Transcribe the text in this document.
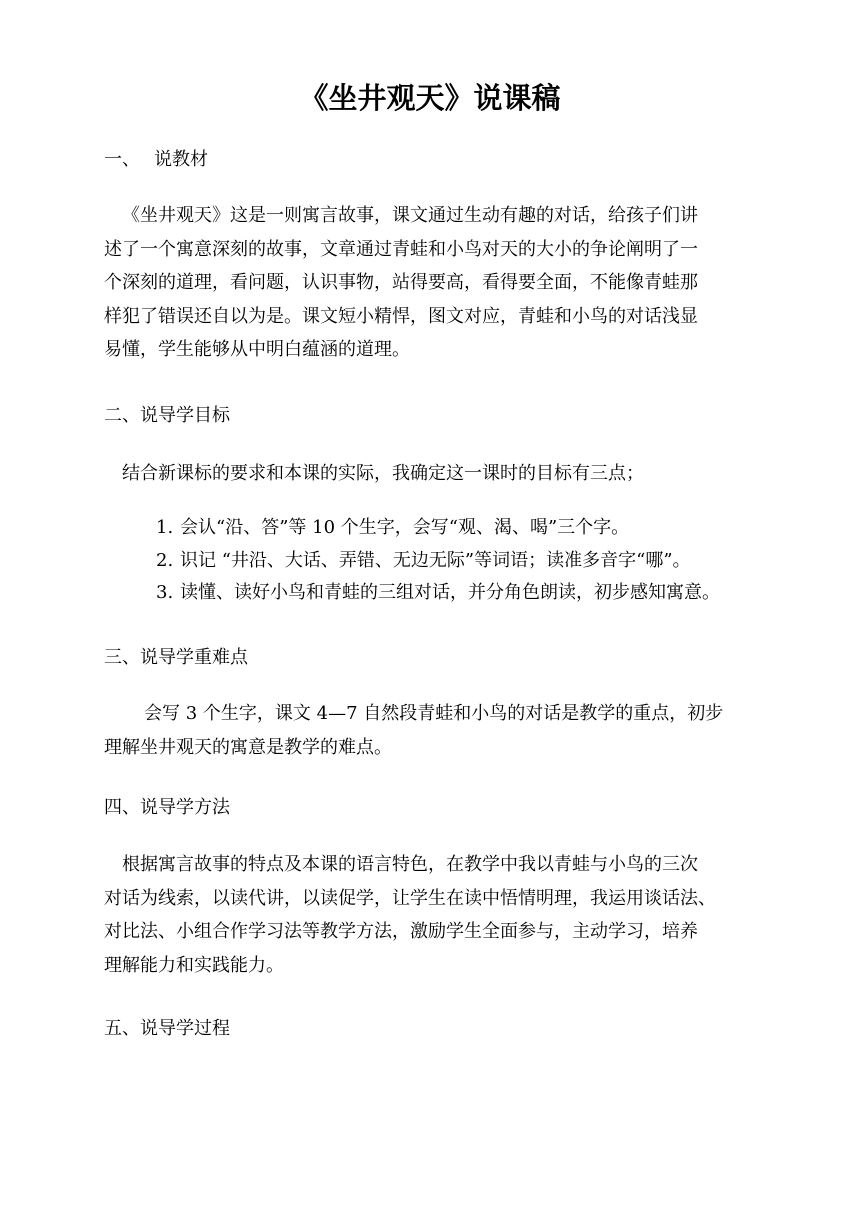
《坐井观天》说课稿

一、 说教材

《坐井观天》这是一则寓言故事，课文通过生动有趣的对话，给孩子们讲
述了一个寓意深刻的故事，文章通过青蛙和小鸟对天的大小的争论阐明了一
个深刻的道理，看问题，认识事物，站得要高，看得要全面，不能像青蛙那
样犯了错误还自以为是。课文短小精悍，图文对应，青蛙和小鸟的对话浅显
易懂，学生能够从中明白蕴涵的道理。

二、说导学目标

结合新课标的要求和本课的实际，我确定这一课时的目标有三点；

1. 会认“沿、答”等 10 个生字，会写“观、渴、喝”三个字。
2. 识记 “井沿、大话、弄错、无边无际”等词语；读准多音字“哪”。
3. 读懂、读好小鸟和青蛙的三组对话，并分角色朗读，初步感知寓意。

三、说导学重难点

会写 3 个生字，课文 4—7 自然段青蛙和小鸟的对话是教学的重点，初步
理解坐井观天的寓意是教学的难点。

四、说导学方法

根据寓言故事的特点及本课的语言特色，在教学中我以青蛙与小鸟的三次
对话为线索，以读代讲，以读促学，让学生在读中悟情明理，我运用谈话法、
对比法、小组合作学习法等教学方法，激励学生全面参与，主动学习，培养
理解能力和实践能力。

五、说导学过程
